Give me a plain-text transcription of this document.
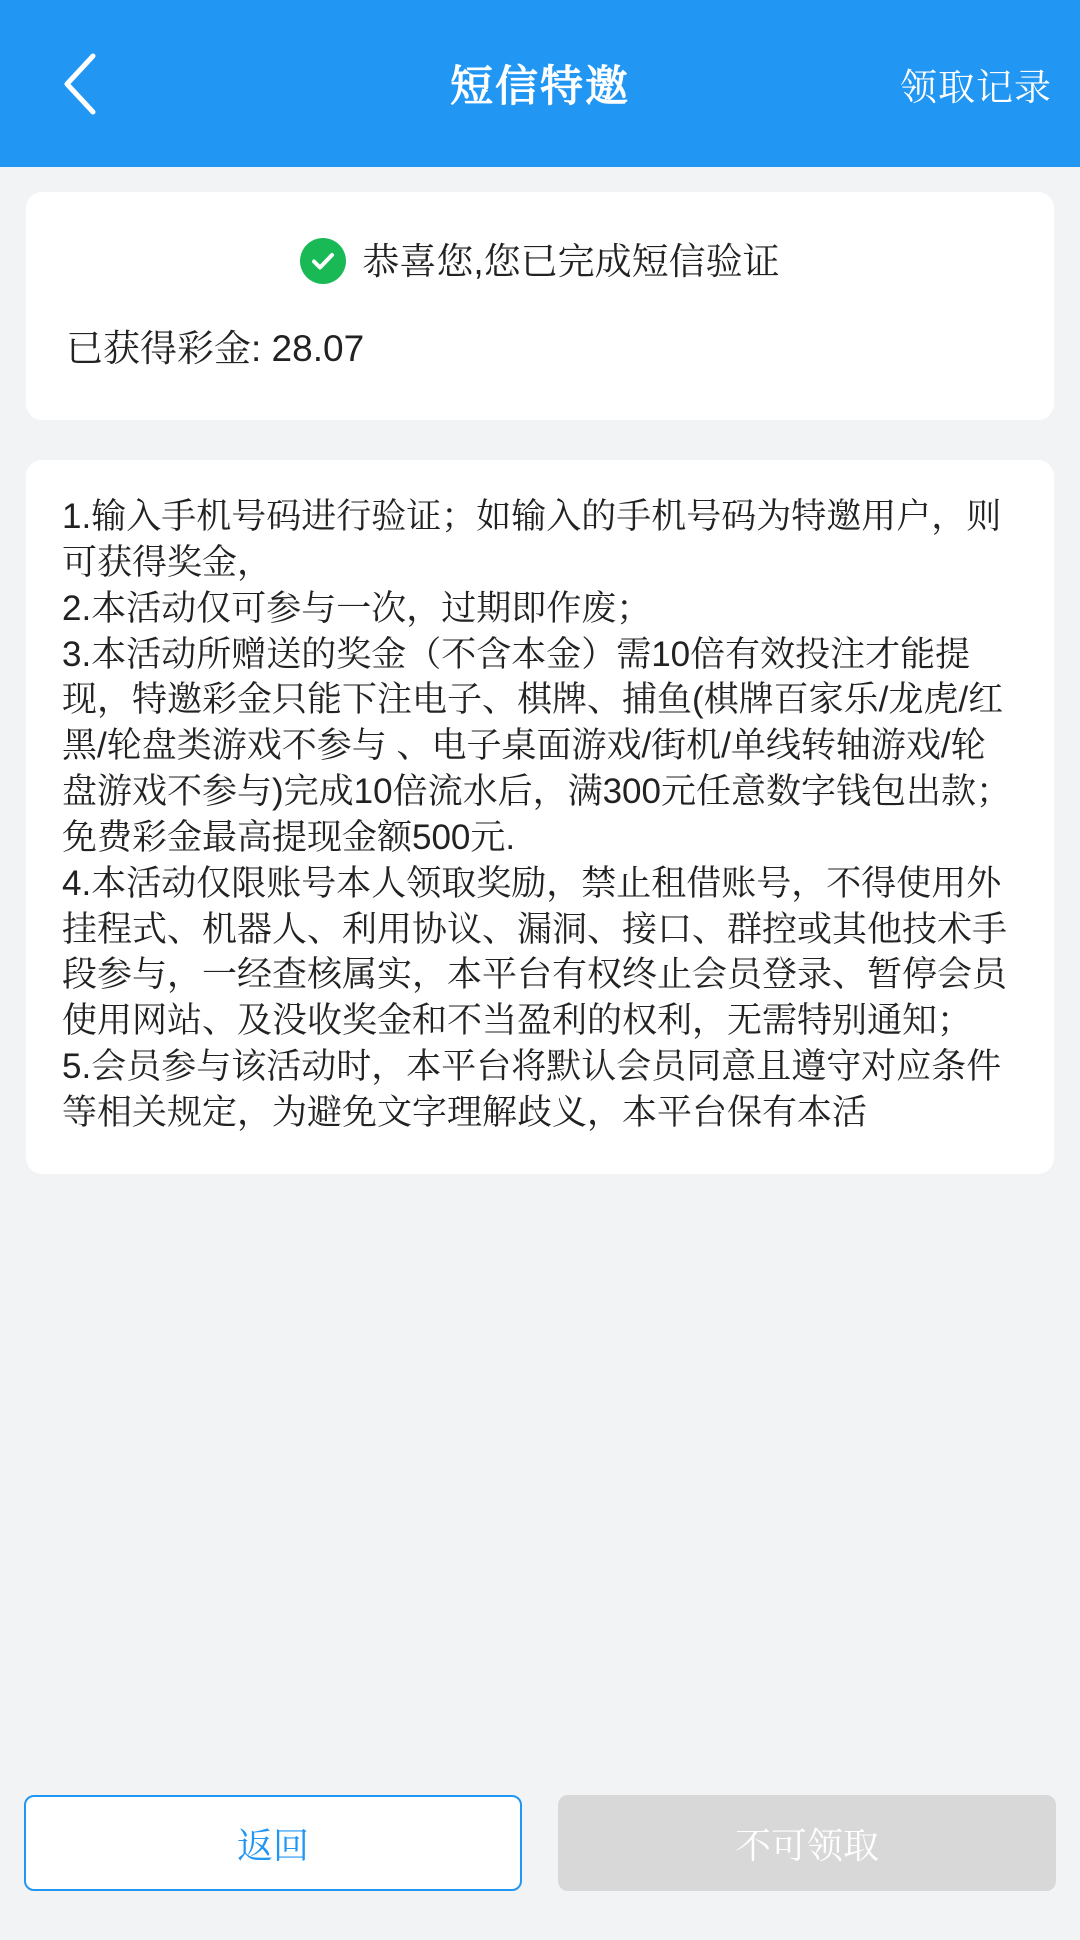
短信特邀	领取记录
恭喜您,您已完成短信验证
已获得彩金: 28.07
1.输入手机号码进行验证；如输入的手机号码为特邀用户，则可获得奖金，
2.本活动仅可参与一次，过期即作废；
3.本活动所赠送的奖金（不含本金）需10倍有效投注才能提现，特邀彩金只能下注电子、棋牌、捕鱼(棋牌百家乐/龙虎/红黑/轮盘类游戏不参与 、电子桌面游戏/街机/单线转轴游戏/轮盘游戏不参与)完成10倍流水后，满300元任意数字钱包出款；免费彩金最高提现金额500元.
4.本活动仅限账号本人领取奖励，禁止租借账号，不得使用外挂程式、机器人、利用协议、漏洞、接口、群控或其他技术手段参与，一经查核属实，本平台有权终止会员登录、暂停会员使用网站、及没收奖金和不当盈利的权利，无需特别通知；
5.会员参与该活动时，本平台将默认会员同意且遵守对应条件等相关规定，为避免文字理解歧义，本平台保有本活
返回	不可领取
